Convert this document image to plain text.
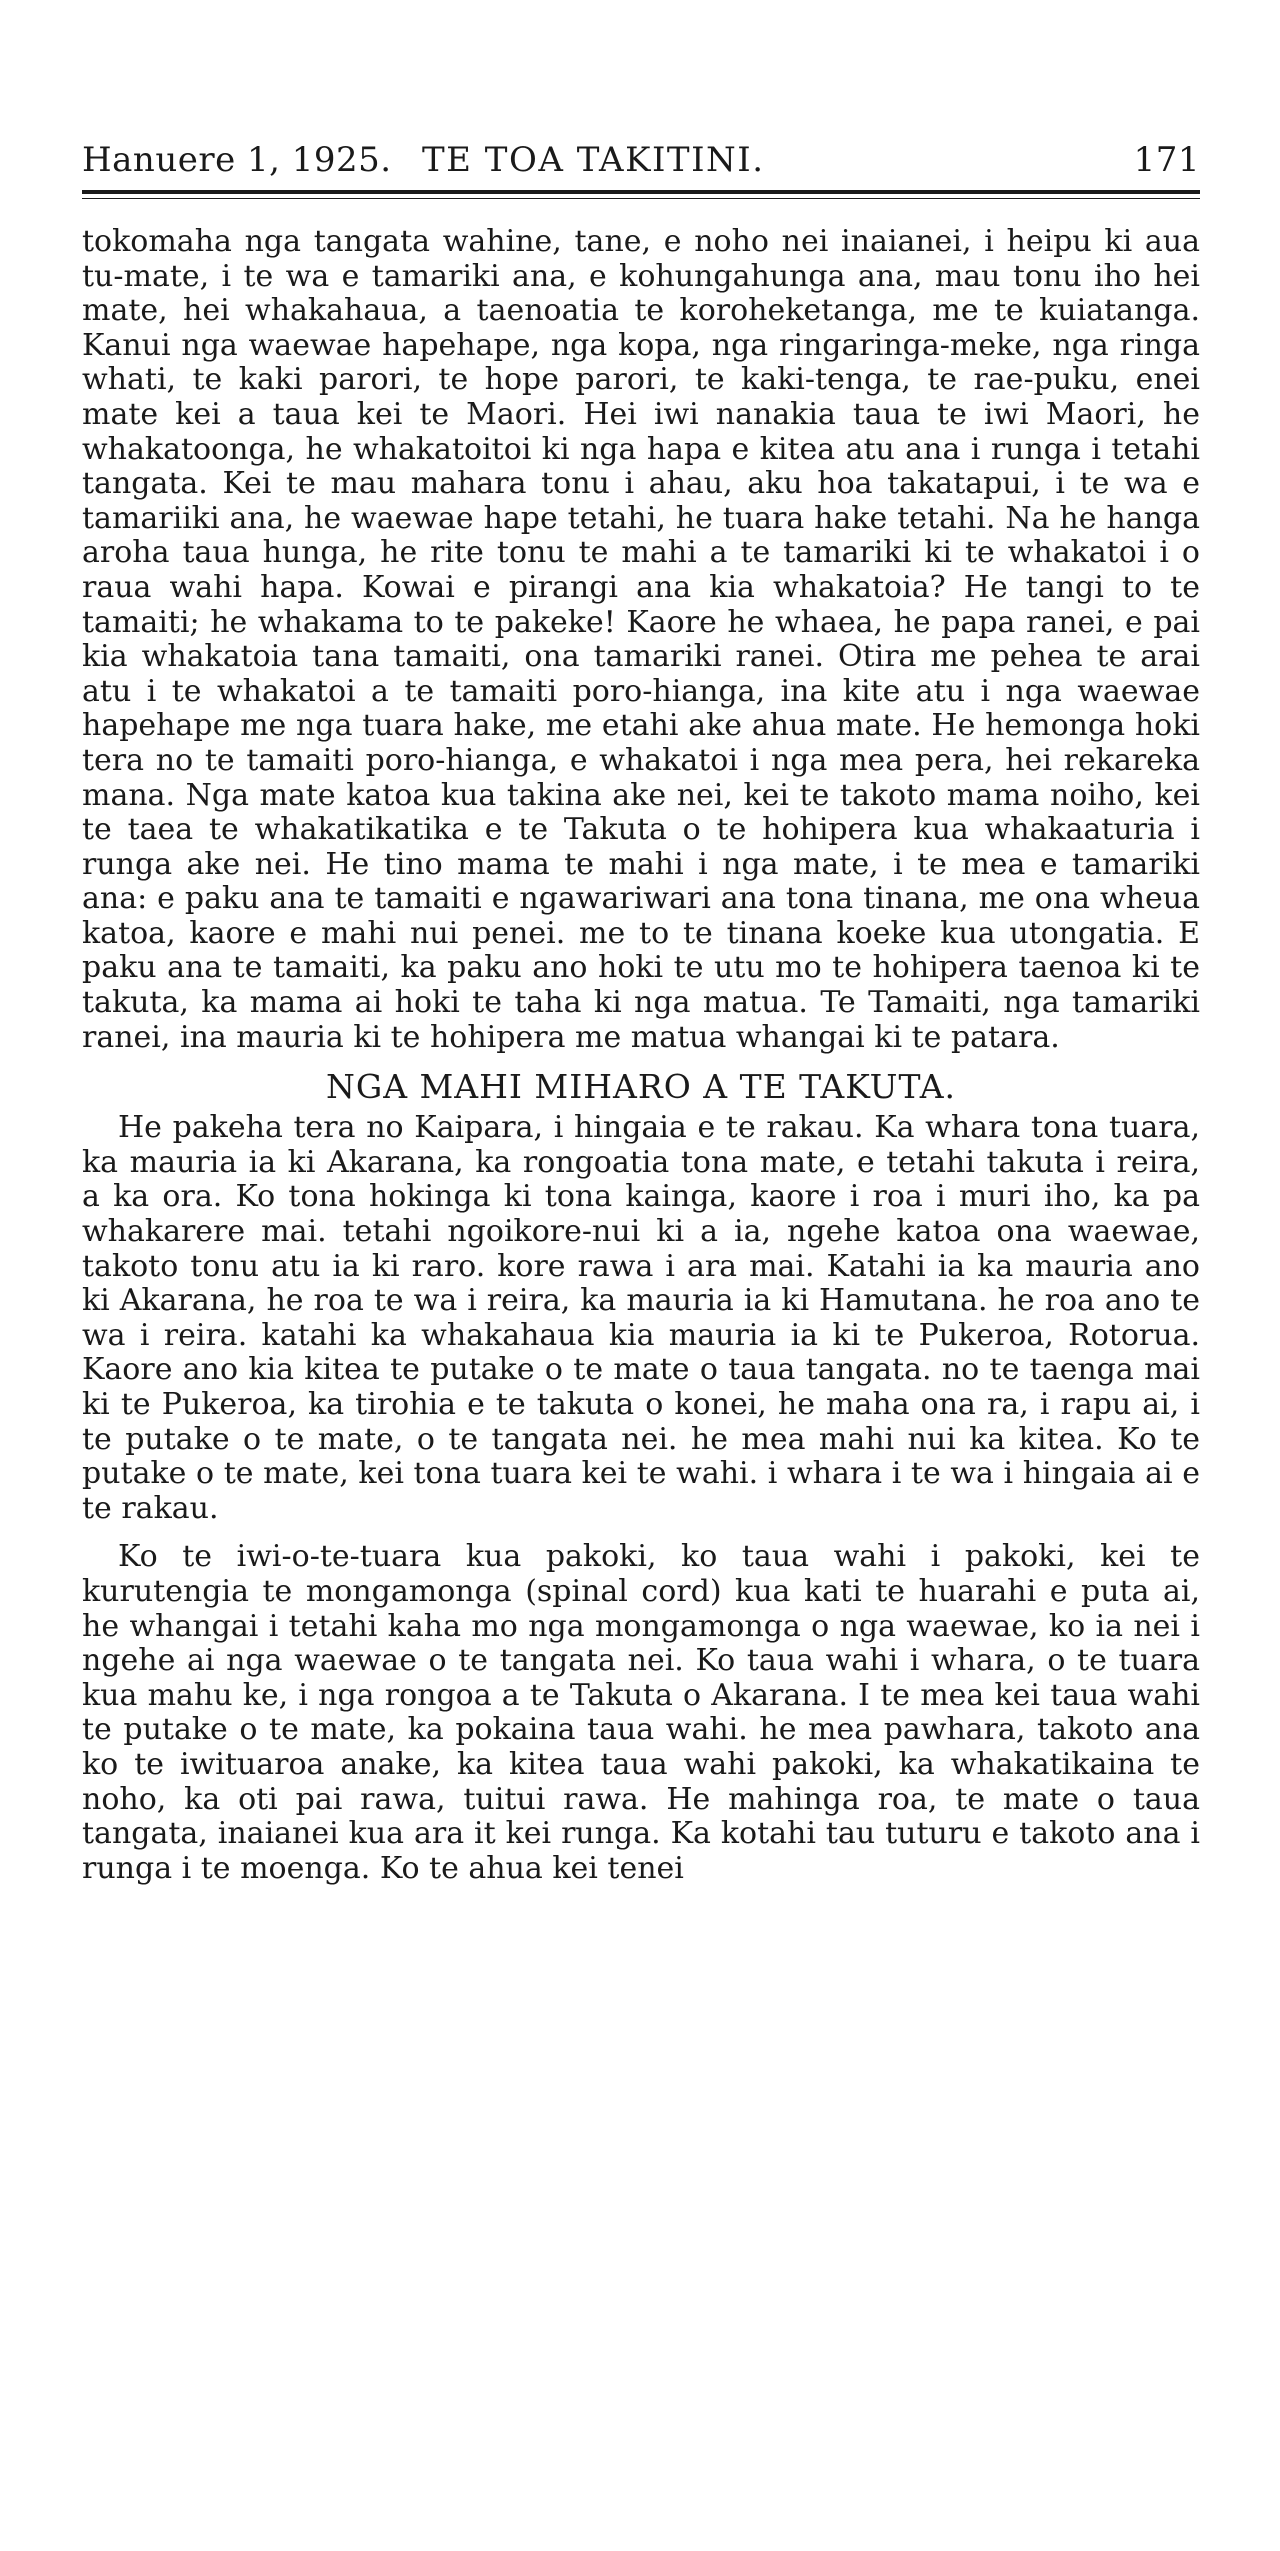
Hanuere 1, 1925. TE TOA TAKITINI.	171

tokomaha nga tangata wahine, tane, e noho nei inaianei, i heipu ki aua tu-mate, i te wa e tamariki ana, e kohungahunga ana, mau tonu iho hei mate, hei whakahaua, a taenoatia te koroheketanga, me te kuiatanga. Kanui nga waewae hapehape, nga kopa, nga ringaringa-meke, nga ringa whati, te kaki parori, te hope parori, te kaki-tenga, te rae-puku, enei mate kei a taua kei te Maori. Hei iwi nanakia taua te iwi Maori, he whakatoonga, he whakatoitoi ki nga hapa e kitea atu ana i runga i tetahi tangata. Kei te mau mahara tonu i ahau, aku hoa takatapui, i te wa e tamariiki ana, he waewae hape tetahi, he tuara hake tetahi. Na he hanga aroha taua hunga, he rite tonu te mahi a te tamariki ki te whakatoi i o raua wahi hapa. Kowai e pirangi ana kia whakatoia? He tangi to te tamaiti; he whakama to te pakeke! Kaore he whaea, he papa ranei, e pai kia whakatoia tana tamaiti, ona tamariki ranei. Otira me pehea te arai atu i te whakatoi a te tamaiti poro-hianga, ina kite atu i nga waewae hapehape me nga tuara hake, me etahi ake ahua mate. He hemonga hoki tera no te tamaiti poro-hianga, e whakatoi i nga mea pera, hei rekareka mana. Nga mate katoa kua takina ake nei, kei te takoto mama noiho, kei te taea te whakatikatika e te Takuta o te hohipera kua whakaaturia i runga ake nei. He tino mama te mahi i nga mate, i te mea e tamariki ana: e paku ana te tamaiti e ngawariwari ana tona tinana, me ona wheua katoa, kaore e mahi nui penei. me to te tinana koeke kua utongatia. E paku ana te tamaiti, ka paku ano hoki te utu mo te hohipera taenoa ki te takuta, ka mama ai hoki te taha ki nga matua. Te Tamaiti, nga tamariki ranei, ina mauria ki te hohipera me matua whangai ki te patara.

NGA MAHI MIHARO A TE TAKUTA.

He pakeha tera no Kaipara, i hingaia e te rakau. Ka whara tona tuara, ka mauria ia ki Akarana, ka rongoatia tona mate, e tetahi takuta i reira, a ka ora. Ko tona hokinga ki tona kainga, kaore i roa i muri iho, ka pa whakarere mai. tetahi ngoikore-nui ki a ia, ngehe katoa ona waewae, takoto tonu atu ia ki raro. kore rawa i ara mai. Katahi ia ka mauria ano ki Akarana, he roa te wa i reira, ka mauria ia ki Hamutana. he roa ano te wa i reira. katahi ka whakahaua kia mauria ia ki te Pukeroa, Rotorua. Kaore ano kia kitea te putake o te mate o taua tangata. no te taenga mai ki te Pukeroa, ka tirohia e te takuta o konei, he maha ona ra, i rapu ai, i te putake o te mate, o te tangata nei. he mea mahi nui ka kitea. Ko te putake o te mate, kei tona tuara kei te wahi. i whara i te wa i hingaia ai e te rakau.

Ko te iwi-o-te-tuara kua pakoki, ko taua wahi i pakoki, kei te kurutengia te mongamonga (spinal cord) kua kati te huarahi e puta ai, he whangai i tetahi kaha mo nga mongamonga o nga waewae, ko ia nei i ngehe ai nga waewae o te tangata nei. Ko taua wahi i whara, o te tuara kua mahu ke, i nga rongoa a te Takuta o Akarana. I te mea kei taua wahi te putake o te mate, ka pokaina taua wahi. he mea pawhara, takoto ana ko te iwituaroa anake, ka kitea taua wahi pakoki, ka whakatikaina te noho, ka oti pai rawa, tuitui rawa. He mahinga roa, te mate o taua tangata, inaianei kua ara it kei runga. Ka kotahi tau tuturu e takoto ana i runga i te moenga. Ko te ahua kei tenei
